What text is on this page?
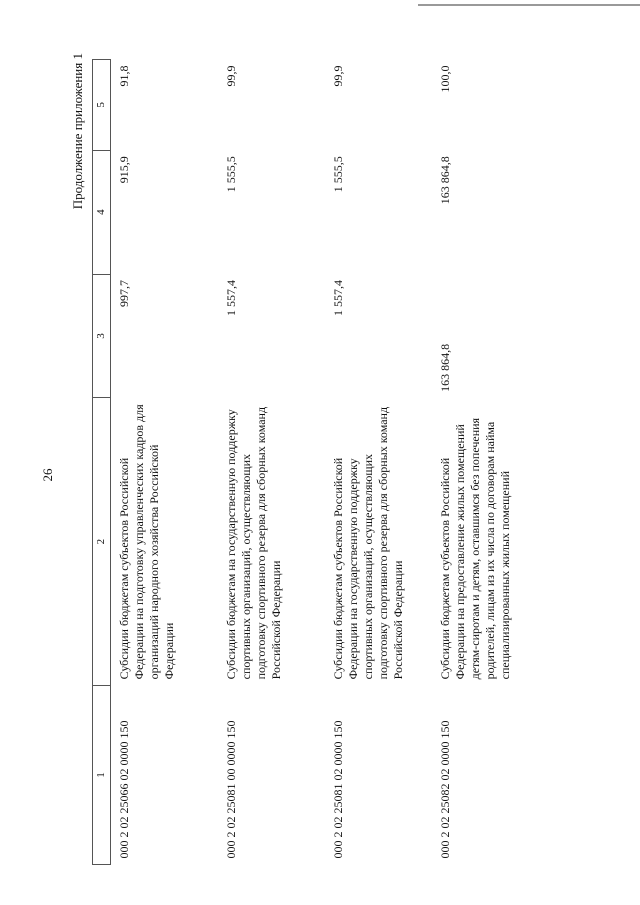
26
Продолжение приложения 1
1	2	3	4	5
000 2 02 25066 02 0000 150	Субсидии бюджетам субъектов Российской Федерации на подготовку управленческих кадров для организаций народного хозяйства Российской Федерации	997,7	915,9	91,8
000 2 02 25081 00 0000 150	Субсидии бюджетам на государственную поддержку спортивных организаций, осуществляющих подготовку спортивного резерва для сборных команд Российской Федерации	1 557,4	1 555,5	99,9
000 2 02 25081 02 0000 150	Субсидии бюджетам субъектов Российской Федерации на государственную поддержку спортивных организаций, осуществляющих подготовку спортивного резерва для сборных команд Российской Федерации	1 557,4	1 555,5	99,9
000 2 02 25082 02 0000 150	Субсидии бюджетам субъектов Российской Федерации на предоставление жилых помещений детям-сиротам и детям, оставшимся без попечения родителей, лицам из их числа по договорам найма специализированных жилых помещений	163 864,8	163 864,8	100,0
